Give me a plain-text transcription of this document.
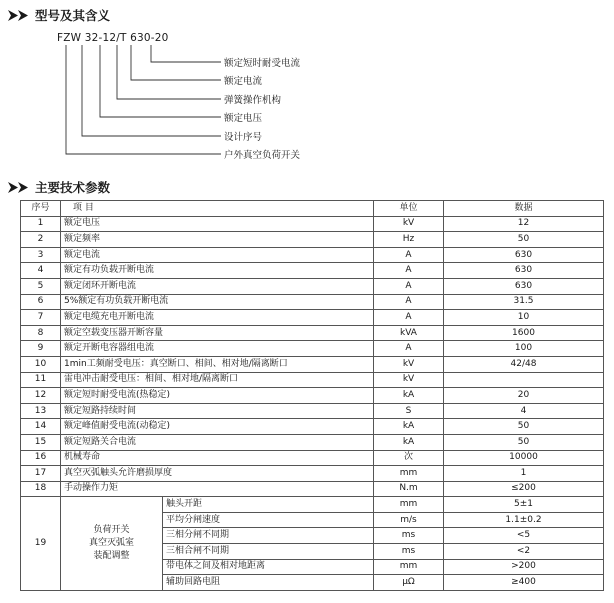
型号及其含义
FZW 32-12/T 630-20
额定短时耐受电流
额定电流
弹簧操作机构
额定电压
设计序号
户外真空负荷开关
主要技术参数
序号	项 目		单位	数据
1	额定电压		kV	12
2	额定频率		Hz	50
3	额定电流		A	630
4	额定有功负载开断电流		A	630
5	额定闭环开断电流		A	630
6	5%额定有功负载开断电流		A	31.5
7	额定电缆充电开断电流		A	10
8	额定空载变压器开断容量		kVA	1600
9	额定开断电容器组电流		A	100
10	1min工频耐受电压：真空断口、相间、相对地/隔离断口		kV	42/48
11	雷电冲击耐受电压：相间、相对地/隔离断口		kV	
12	额定短时耐受电流(热稳定)		kA	20
13	额定短路持续时间		S	4
14	额定峰值耐受电流(动稳定)		kA	50
15	额定短路关合电流		kA	50
16	机械寿命		次	10000
17	真空灭弧触头允许磨损厚度		mm	1
18	手动操作力矩		N.m	≤200
19	负荷开关
真空灭弧室
装配调整	触头开距	mm	5±1
		平均分闸速度	m/s	1.1±0.2
		三相分闸不同期	ms	<5
		三相合闸不同期	ms	<2
		带电体之间及相对地距离	mm	>200
		辅助回路电阻	μΩ	≥400
